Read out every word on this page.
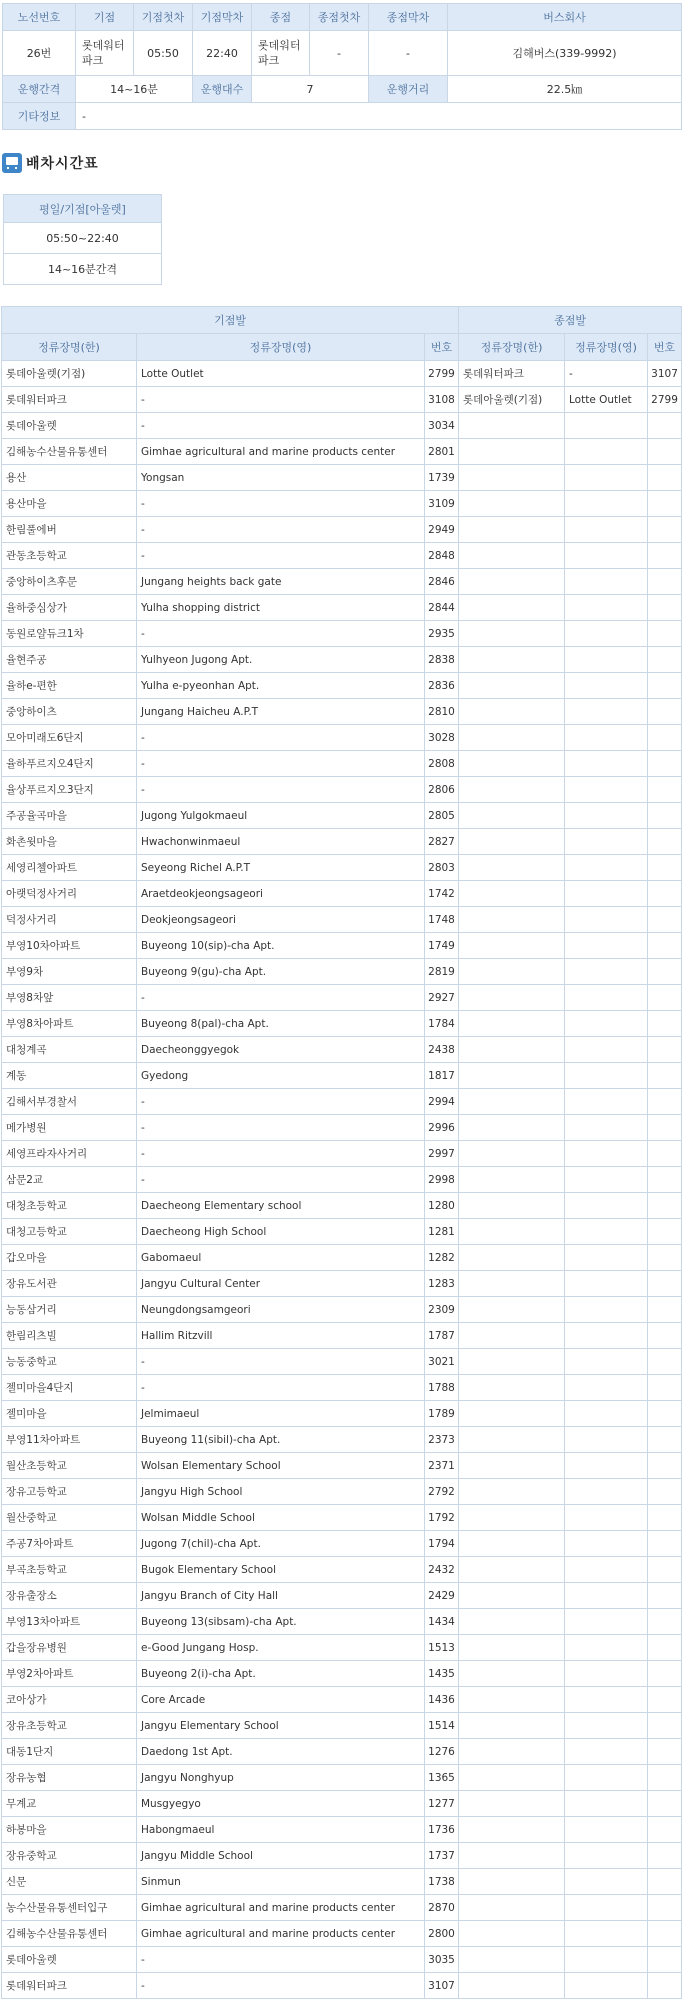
노선번호	기점	기점첫차	기점막차	종점	종점첫차	종점막차	버스회사
26번	롯데워터파크	05:50	22:40	롯데워터파크	-	-	김해버스(339-9992)
운행간격	14~16분		운행대수	7		운행거리	22.5㎞
기타정보	-						
배차시간표
평일/기점[아울렛]
05:50~22:40
14~16분간격
기점발			종점발		
정류장명(한)	정류장명(영)	번호	정류장명(한)	정류장명(영)	번호
롯데아울렛(기점)	Lotte Outlet	2799	롯데워터파크	-	3107
롯데워터파크	-	3108	롯데아울렛(기점)	Lotte Outlet	2799
롯데아울렛	-	3034			
김해농수산물유통센터	Gimhae agricultural and marine products center	2801			
용산	Yongsan	1739			
용산마을	-	3109			
한림풀에버	-	2949			
관동초등학교	-	2848			
중앙하이츠후문	Jungang heights back gate	2846			
율하중심상가	Yulha shopping district	2844			
동원로얄듀크1차	-	2935			
율현주공	Yulhyeon Jugong Apt.	2838			
율하e-편한	Yulha e-pyeonhan Apt.	2836			
중앙하이츠	Jungang Haicheu A.P.T	2810			
모아미래도6단지	-	3028			
율하푸르지오4단지	-	2808			
율상푸르지오3단지	-	2806			
주공율곡마을	Jugong Yulgokmaeul	2805			
화촌윗마을	Hwachonwinmaeul	2827			
세영리첼아파트	Seyeong Richel A.P.T	2803			
아랫덕정사거리	Araetdeokjeongsageori	1742			
덕정사거리	Deokjeongsageori	1748			
부영10차아파트	Buyeong 10(sip)-cha Apt.	1749			
부영9차	Buyeong 9(gu)-cha Apt.	2819			
부영8차앞	-	2927			
부영8차아파트	Buyeong 8(pal)-cha Apt.	1784			
대청계곡	Daecheonggyegok	2438			
계동	Gyedong	1817			
김해서부경찰서	-	2994			
메가병원	-	2996			
세영프라자사거리	-	2997			
삼문2교	-	2998			
대청초등학교	Daecheong Elementary school	1280			
대청고등학교	Daecheong High School	1281			
갑오마을	Gabomaeul	1282			
장유도서관	Jangyu Cultural Center	1283			
능동삼거리	Neungdongsamgeori	2309			
한림리츠빌	Hallim Ritzvill	1787			
능동중학교	-	3021			
젤미마을4단지	-	1788			
젤미마을	Jelmimaeul	1789			
부영11차아파트	Buyeong 11(sibil)-cha Apt.	2373			
월산초등학교	Wolsan Elementary School	2371			
장유고등학교	Jangyu High School	2792			
월산중학교	Wolsan Middle School	1792			
주공7차아파트	Jugong 7(chil)-cha Apt.	1794			
부곡초등학교	Bugok Elementary School	2432			
장유출장소	Jangyu Branch of City Hall	2429			
부영13차아파트	Buyeong 13(sibsam)-cha Apt.	1434			
갑을장유병원	e-Good Jungang Hosp.	1513			
부영2차아파트	Buyeong 2(i)-cha Apt.	1435			
코아상가	Core Arcade	1436			
장유초등학교	Jangyu Elementary School	1514			
대동1단지	Daedong 1st Apt.	1276			
장유농협	Jangyu Nonghyup	1365			
무계교	Musgyegyo	1277			
하봉마을	Habongmaeul	1736			
장유중학교	Jangyu Middle School	1737			
신문	Sinmun	1738			
농수산물유통센터입구	Gimhae agricultural and marine products center	2870			
김해농수산물유통센터	Gimhae agricultural and marine products center	2800			
롯데아울렛	-	3035			
롯데워터파크	-	3107			
